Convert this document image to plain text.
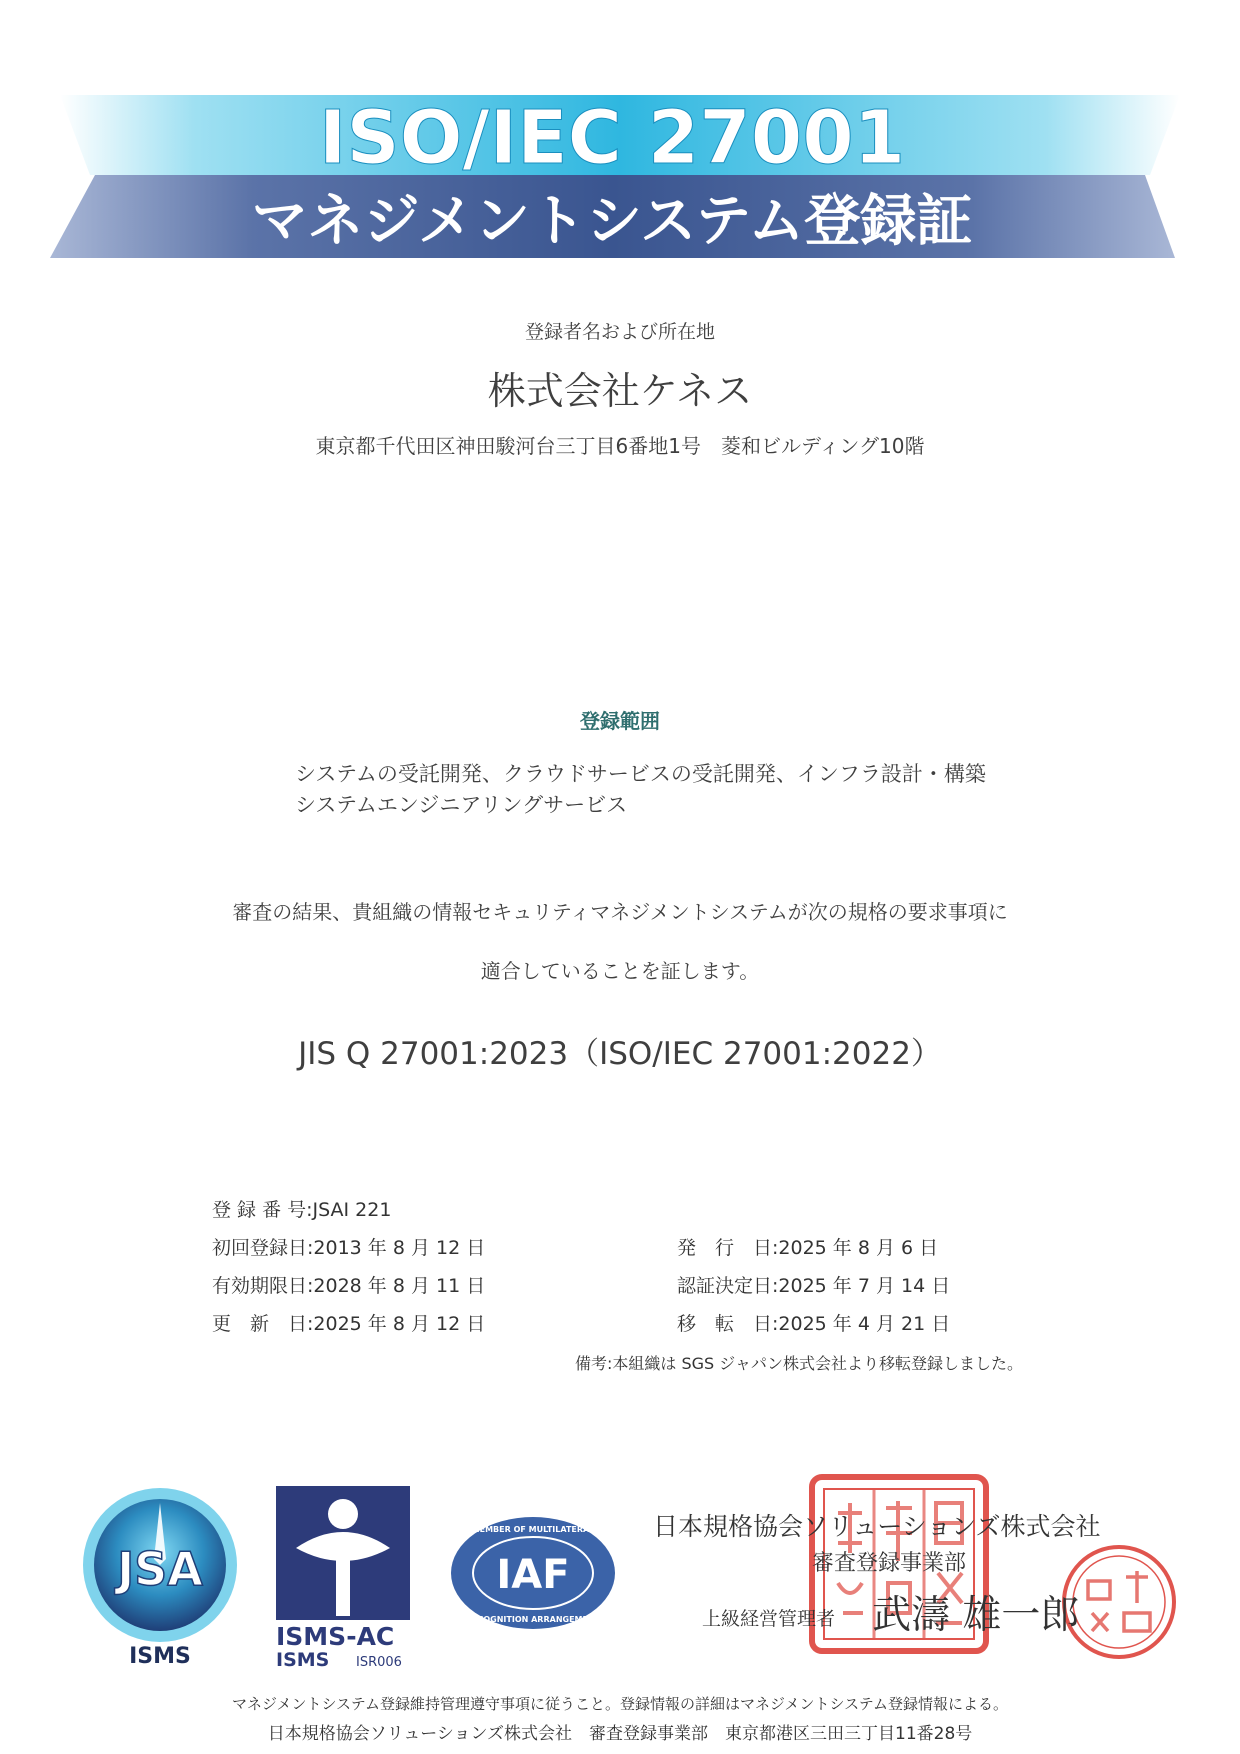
ISO/IEC 27001
マネジメントシステム登録証
登録者名および所在地
株式会社ケネス
東京都千代田区神田駿河台三丁目6番地1号　菱和ビルディング10階
登録範囲
システムの受託開発、クラウドサービスの受託開発、インフラ設計・構築
システムエンジニアリングサービス
審査の結果、貴組織の情報セキュリティマネジメントシステムが次の規格の要求事項に
適合していることを証します。
JIS Q 27001:2023（ISO/IEC 27001:2022）
登 録 番 号:JSAI 221
初回登録日:2013 年 8 月 12 日
有効期限日:2028 年 8 月 11 日
更　新　日:2025 年 8 月 12 日
発　行　日:2025 年 8 月 6 日
認証決定日:2025 年 7 月 14 日
移　転　日:2025 年 4 月 21 日
備考:本組織は SGS ジャパン株式会社より移転登録しました。
JSA
ISMS
ISMS-AC
ISMS ISR006
MEMBER OF MULTILATERAL
IAF
RECOGNITION ARRANGEMENT
日本規格協会ソリューションズ株式会社
審査登録事業部
上級経営管理者 武濤 雄一郎
マネジメントシステム登録維持管理遵守事項に従うこと。登録情報の詳細はマネジメントシステム登録情報による。
日本規格協会ソリューションズ株式会社　審査登録事業部　東京都港区三田三丁目11番28号
